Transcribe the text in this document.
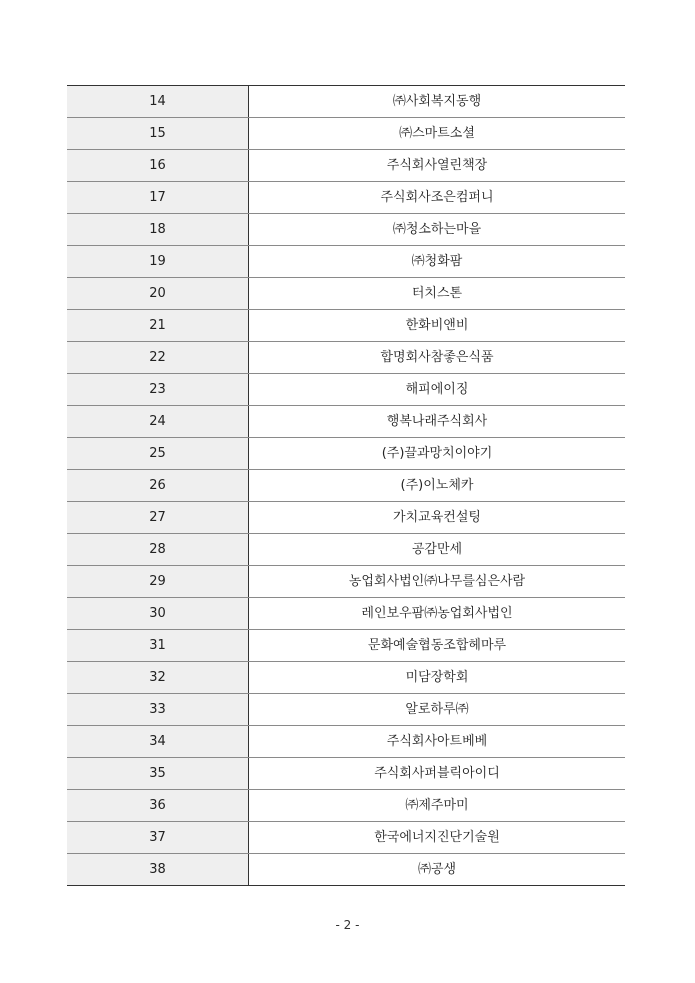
14	㈜사회복지동행
15	㈜스마트소셜
16	주식회사열린책장
17	주식회사조은컴퍼니
18	㈜청소하는마을
19	㈜청화팜
20	터치스톤
21	한화비앤비
22	합명회사참좋은식품
23	해피에이징
24	행복나래주식회사
25	(주)끌과망치이야기
26	(주)이노체카
27	가치교육컨설팅
28	공감만세
29	농업회사법인㈜나무를심은사람
30	레인보우팜㈜농업회사법인
31	문화예술협동조합헤마루
32	미담장학회
33	알로하루㈜
34	주식회사아트베베
35	주식회사퍼블릭아이디
36	㈜제주마미
37	한국에너지진단기술원
38	㈜공생
- 2 -
